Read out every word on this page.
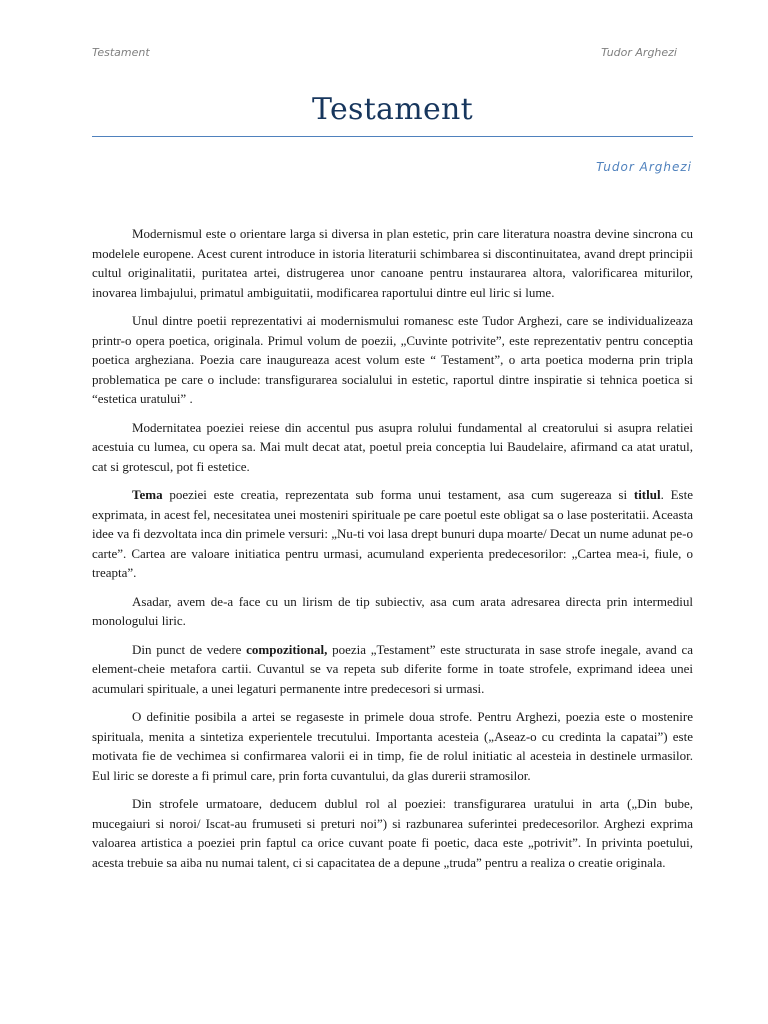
Testament	Tudor Arghezi
Testament
Tudor Arghezi

Modernismul este o orientare larga si diversa in plan estetic, prin care literatura noastra devine sincrona cu modelele europene. Acest curent introduce in istoria literaturii schimbarea si discontinuitatea, avand drept principii cultul originalitatii, puritatea artei, distrugerea unor canoane pentru instaurarea altora, valorificarea miturilor, inovarea limbajului, primatul ambiguitatii, modificarea raportului dintre eul liric si lume.

Unul dintre poetii reprezentativi ai modernismului romanesc este Tudor Arghezi, care se individualizeaza printr-o opera poetica, originala. Primul volum de poezii, „Cuvinte potrivite”, este reprezentativ pentru conceptia poetica argheziana. Poezia care inaugureaza acest volum este “ Testament”, o arta poetica moderna prin tripla problematica pe care o include: transfigurarea socialului in estetic, raportul dintre inspiratie si tehnica poetica si “estetica uratului” .

Modernitatea poeziei reiese din accentul pus asupra rolului fundamental al creatorului si asupra relatiei acestuia cu lumea, cu opera sa. Mai mult decat atat, poetul preia conceptia lui Baudelaire, afirmand ca atat uratul, cat si grotescul, pot fi estetice.

Tema poeziei este creatia, reprezentata sub forma unui testament, asa cum sugereaza si titlul. Este exprimata, in acest fel, necesitatea unei mosteniri spirituale pe care poetul este obligat sa o lase posteritatii. Aceasta idee va fi dezvoltata inca din primele versuri: „Nu-ti voi lasa drept bunuri dupa moarte/ Decat un nume adunat pe-o carte”. Cartea are valoare initiatica pentru urmasi, acumuland experienta predecesorilor: „Cartea mea-i, fiule, o treapta”.

Asadar, avem de-a face cu un lirism de tip subiectiv, asa cum arata adresarea directa prin intermediul monologului liric.

Din punct de vedere compozitional, poezia „Testament” este structurata in sase strofe inegale, avand ca element-cheie metafora cartii. Cuvantul se va repeta sub diferite forme in toate strofele, exprimand ideea unei acumulari spirituale, a unei legaturi permanente intre predecesori si urmasi.

O definitie posibila a artei se regaseste in primele doua strofe. Pentru Arghezi, poezia este o mostenire spirituala, menita a sintetiza experientele trecutului. Importanta acesteia („Aseaz-o cu credinta la capatai”) este motivata fie de vechimea si confirmarea valorii ei in timp, fie de rolul initiatic al acesteia in destinele urmasilor. Eul liric se doreste a fi primul care, prin forta cuvantului, da glas durerii stramosilor.

Din strofele urmatoare, deducem dublul rol al poeziei: transfigurarea uratului in arta („Din bube, mucegaiuri si noroi/ Iscat-au frumuseti si preturi noi”) si razbunarea suferintei predecesorilor. Arghezi exprima valoarea artistica a poeziei prin faptul ca orice cuvant poate fi poetic, daca este „potrivit”. In privinta poetului, acesta trebuie sa aiba nu numai talent, ci si capacitatea de a depune „truda” pentru a realiza o creatie originala.
